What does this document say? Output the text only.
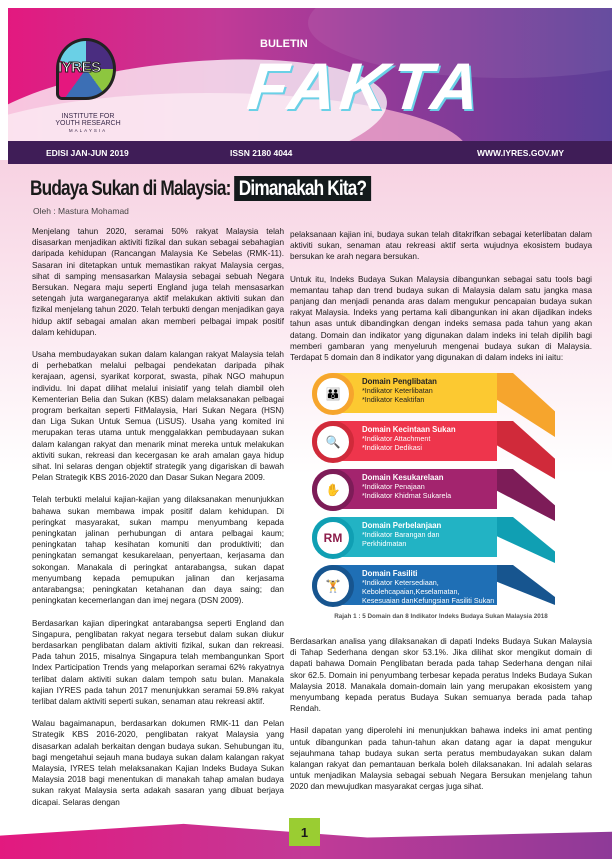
IYRES
INSTITUTE FOR
YOUTH RESEARCH
MALAYSIA
BULETIN
FAKTA
EDISI JAN-JUN 2019	ISSN 2180 4044	WWW.IYRES.GOV.MY
Budaya Sukan di Malaysia: Dimanakah Kita?
Oleh : Mastura Mohamad

Menjelang tahun 2020, seramai 50% rakyat Malaysia telah disasarkan menjadikan aktiviti fizikal dan sukan sebagai sebahagian daripada kehidupan (Rancangan Malaysia Ke Sebelas (RMK-11). Sasaran ini ditetapkan untuk memastikan rakyat Malaysia cergas, sihat di samping mensasarkan Malaysia sebagai sebuah Negara Bersukan. Negara maju seperti England juga telah mensasarkan setengah juta warganegaranya aktif melakukan aktiviti sukan dan fizikal menjelang tahun 2020. Telah terbukti dengan menjadikan gaya hidup aktif sebagai amalan akan memberi pelbagai impak positif dalam kehidupan.

Usaha membudayakan sukan dalam kalangan rakyat Malaysia telah di perhebatkan melalui pelbagai pendekatan daripada pihak kerajaan, agensi, syarikat korporat, swasta, pihak NGO mahupun individu. Ini dapat dilihat melalui inisiatif yang telah diambil oleh Kementerian Belia dan Sukan (KBS) dalam melaksanakan pelbagai program berkaitan seperti FitMalaysia, Hari Sukan Negara (HSN) dan Liga Sukan Untuk Semua (LiSUS). Usaha yang komited ini merupakan teras utama untuk menggalakkan pembudayaan sukan dalam kalangan rakyat dan menarik minat mereka untuk melakukan aktiviti sukan, rekreasi dan kecergasan ke arah amalan gaya hidup sihat. Ini selaras dengan objektif strategik yang digariskan di bawah Pelan Strategik KBS 2016-2020 dan Dasar Sukan Negara 2009.

Telah terbukti melalui kajian-kajian yang dilaksanakan menunjukkan bahawa sukan membawa impak positif dalam kehidupan. Di peringkat masyarakat, sukan mampu menyumbang kepada peningkatan jalinan perhubungan di antara pelbagai kaum; peningkatan tahap kesihatan komuniti dan produktiviti; dan peningkatan semangat kesukarelaan, penyertaan, kerjasama dan sokongan. Manakala di peringkat antarabangsa, sukan dapat menyumbang kepada pemupukan jalinan dan kerjasama antarabangsa; peningkatan ketahanan dan daya saing; dan peningkatan kecemerlangan dan imej negara (DSN 2009).

Berdasarkan kajian diperingkat antarabangsa seperti England dan Singapura, penglibatan rakyat negara tersebut dalam sukan diukur berdasarkan penglibatan dalam aktiviti fizikal, sukan dan rekreasi. Pada tahun 2015, misalnya Singapura telah membangunkan Sport Index Participation Trends yang melaporkan seramai 62% rakyatnya terlibat dalam aktiviti sukan dalam tempoh satu bulan. Manakala kajian IYRES pada tahun 2017 menunjukkan seramai 59.8% rakyat terlibat dalam aktiviti seperti sukan, senaman atau rekreasi aktif.

Walau bagaimanapun, berdasarkan dokumen RMK-11 dan Pelan Strategik KBS 2016-2020, penglibatan rakyat Malaysia yang disasarkan adalah berkaitan dengan budaya sukan. Sehubungan itu, bagi mengetahui sejauh mana budaya sukan dalam kalangan rakyat Malaysia, IYRES telah melaksanakan Kajian Indeks Budaya Sukan Malaysia 2018 bagi menentukan di manakah tahap amalan budaya sukan rakyat Malaysia serta adakah sasaran yang dibuat berjaya dicapai. Selaras dengan

pelaksanaan kajian ini, budaya sukan telah ditakrifkan sebagai keterlibatan dalam aktiviti sukan, senaman atau rekreasi aktif serta wujudnya ekosistem budaya bersukan ke arah negara bersukan.

Untuk itu, Indeks Budaya Sukan Malaysia dibangunkan sebagai satu tools bagi memantau tahap dan trend budaya sukan di Malaysia dalam satu jangka masa panjang dan menjadi penanda aras dalam mengukur pencapaian budaya sukan rakyat Malaysia. Indeks yang pertama kali dibangunkan ini akan dijadikan indeks tahun asas untuk dibandingkan dengan indeks semasa pada tahun yang akan datang. Domain dan indikator yang digunakan dalam indeks ini telah dipilih bagi memberi gambaran yang menyeluruh mengenai budaya sukan di Malaysia. Terdapat 5 domain dan 8 indikator yang digunakan di dalam indeks ini iaitu:

👪
Domain Penglibatan
*Indikator Keterlibatan
*Indikator Keaktifan
🔍
Domain Kecintaan Sukan
*Indikator Attachment
*Indikator Dedikasi
✋
Domain Kesukarelaan
*Indikator Penajaan
*Indikator Khidmat Sukarela
RM
Domain Perbelanjaan
*Indikator Barangan dan
Perkhidmatan
🏋
Domain Fasiliti
*Indikator Ketersediaan,
Kebolehcapaian,Keselamatan,
Kesesuaian danKefungsian Fasiliti Sukan
Rajah 1 : 5 Domain dan 8 Indikator Indeks Budaya Sukan Malaysia 2018

Berdasarkan analisa yang dilaksanakan di dapati Indeks Budaya Sukan Malaysia di Tahap Sederhana dengan skor 53.1%. Jika dilihat skor mengikut domain di dapati bahawa Domain Penglibatan berada pada tahap Sederhana dengan nilai skor 62.5. Domain ini penyumbang terbesar kepada peratus Indeks Budaya Sukan Malaysia 2018. Manakala domain-domain lain yang merupakan ekosistem yang menyumbang kepada peratus Budaya Sukan semuanya berada pada tahap Rendah.

Hasil dapatan yang diperolehi ini menunjukkan bahawa indeks ini amat penting untuk dibangunkan pada tahun-tahun akan datang agar ia dapat mengukur sejauhmana tahap budaya sukan serta peratus membudayakan sukan dalam kalangan rakyat dan pemantauan berkala boleh dilaksanakan. Ini adalah selaras untuk menjadikan Malaysia sebagai sebuah Negara Bersukan menjelang tahun 2020 dan mewujudkan masyarakat cergas juga sihat.

1
